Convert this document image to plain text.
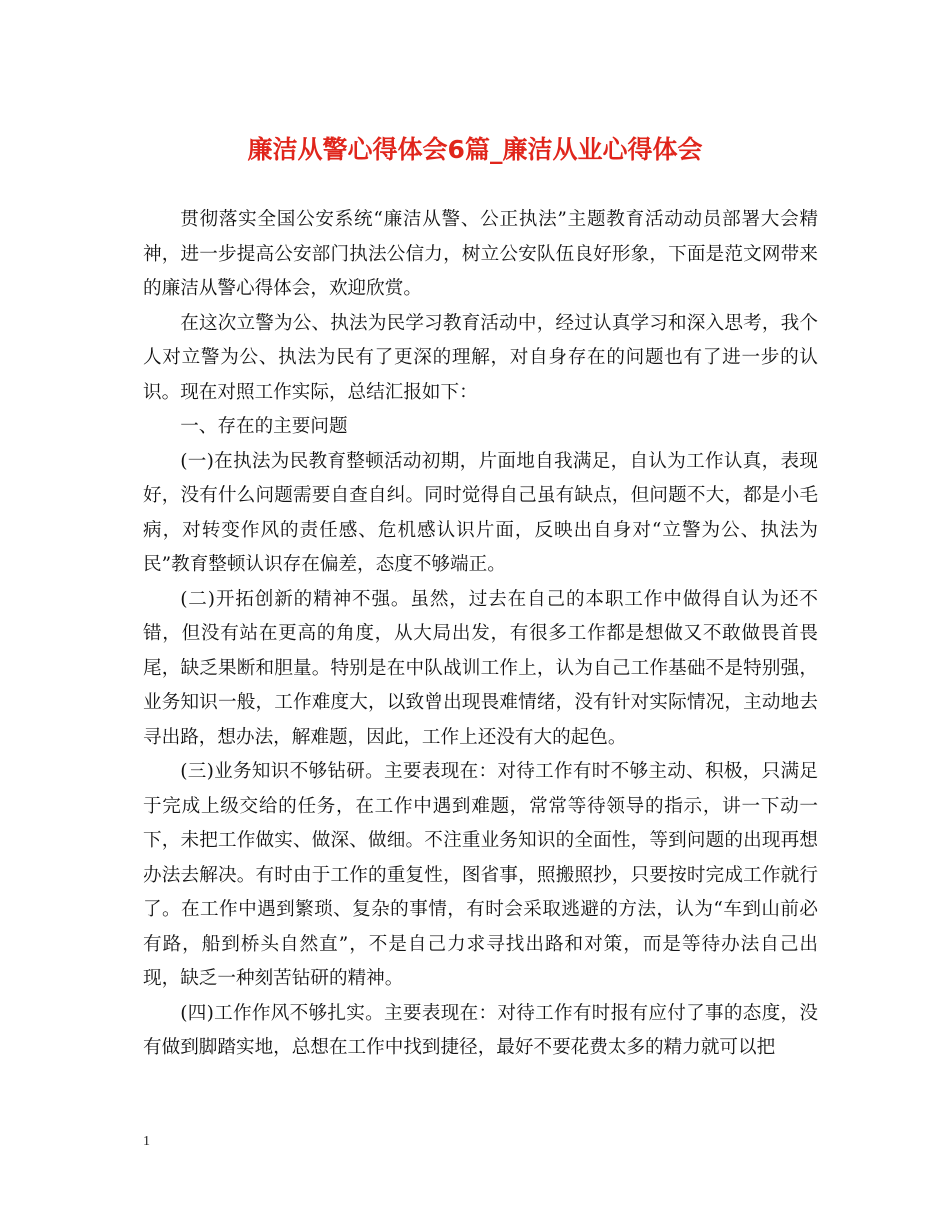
廉洁从警心得体会6篇_廉洁从业心得体会

贯彻落实全国公安系统“廉洁从警、公正执法”主题教育活动动员部署大会精神，进一步提高公安部门执法公信力，树立公安队伍良好形象，下面是范文网带来的廉洁从警心得体会，欢迎欣赏。

在这次立警为公、执法为民学习教育活动中，经过认真学习和深入思考，我个人对立警为公、执法为民有了更深的理解，对自身存在的问题也有了进一步的认识。现在对照工作实际，总结汇报如下：

一、存在的主要问题

(一)在执法为民教育整顿活动初期，片面地自我满足，自认为工作认真，表现好，没有什么问题需要自查自纠。同时觉得自己虽有缺点，但问题不大，都是小毛病，对转变作风的责任感、危机感认识片面，反映出自身对“立警为公、执法为民”教育整顿认识存在偏差，态度不够端正。

(二)开拓创新的精神不强。虽然，过去在自己的本职工作中做得自认为还不错，但没有站在更高的角度，从大局出发，有很多工作都是想做又不敢做畏首畏尾，缺乏果断和胆量。特别是在中队战训工作上，认为自己工作基础不是特别强，业务知识一般，工作难度大，以致曾出现畏难情绪，没有针对实际情况，主动地去寻出路，想办法，解难题，因此，工作上还没有大的起色。

(三)业务知识不够钻研。主要表现在：对待工作有时不够主动、积极，只满足于完成上级交给的任务，在工作中遇到难题，常常等待领导的指示，讲一下动一下，未把工作做实、做深、做细。不注重业务知识的全面性，等到问题的出现再想办法去解决。有时由于工作的重复性，图省事，照搬照抄，只要按时完成工作就行了。在工作中遇到繁琐、复杂的事情，有时会采取逃避的方法，认为“车到山前必有路，船到桥头自然直”，不是自己力求寻找出路和对策，而是等待办法自己出现，缺乏一种刻苦钻研的精神。

(四)工作作风不够扎实。主要表现在：对待工作有时报有应付了事的态度，没有做到脚踏实地，总想在工作中找到捷径，最好不要花费太多的精力就可以把

1
